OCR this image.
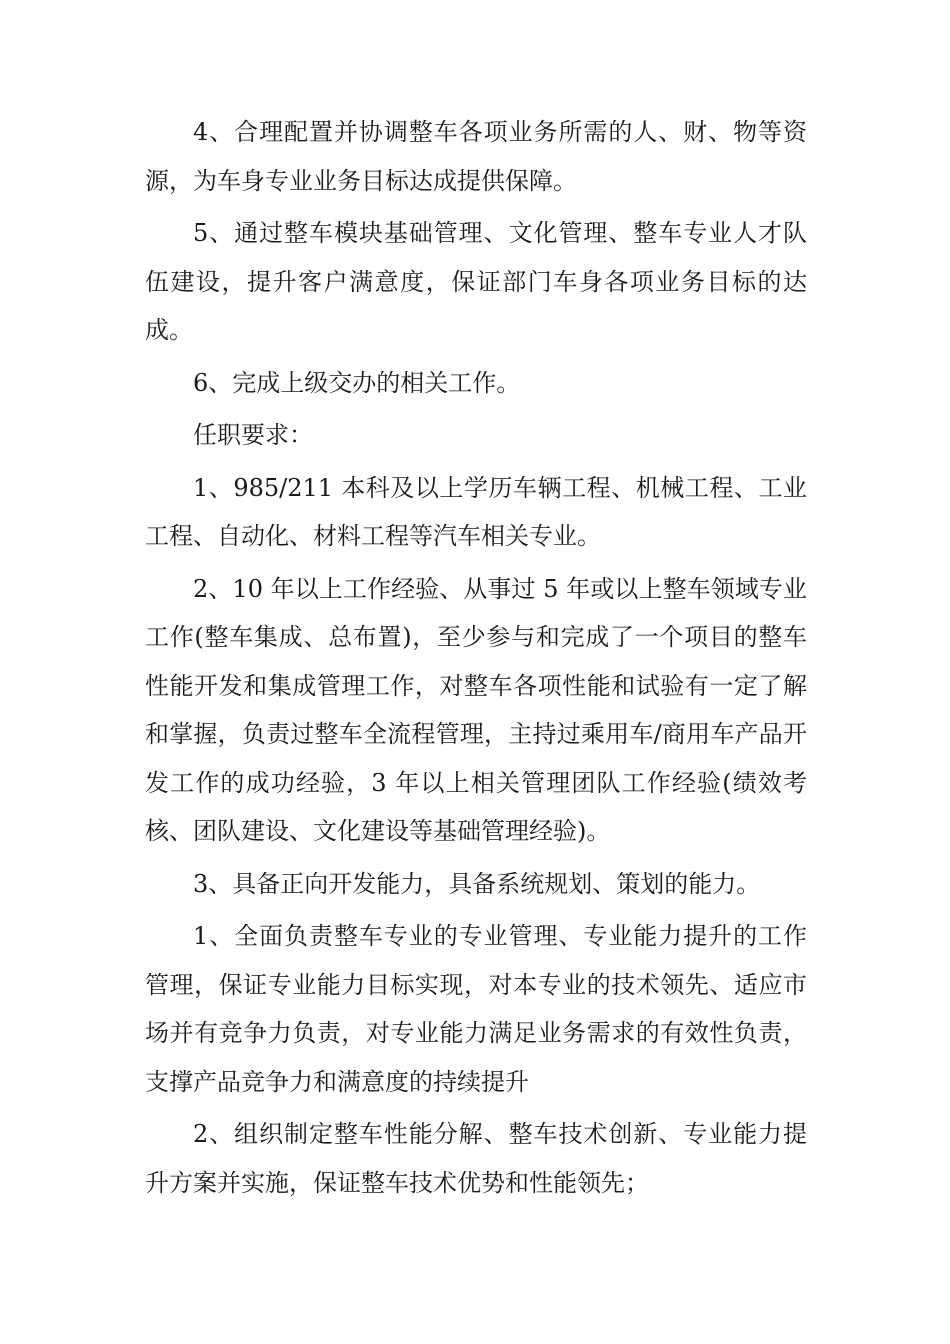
4、合理配置并协调整车各项业务所需的人、财、物等资源，为车身专业业务目标达成提供保障。

5、通过整车模块基础管理、文化管理、整车专业人才队伍建设，提升客户满意度，保证部门车身各项业务目标的达成。

6、完成上级交办的相关工作。

任职要求：

1、985/211 本科及以上学历车辆工程、机械工程、工业工程、自动化、材料工程等汽车相关专业。

2、10 年以上工作经验、从事过 5 年或以上整车领域专业工作(整车集成、总布置)，至少参与和完成了一个项目的整车性能开发和集成管理工作，对整车各项性能和试验有一定了解和掌握，负责过整车全流程管理，主持过乘用车/商用车产品开发工作的成功经验，3 年以上相关管理团队工作经验(绩效考核、团队建设、文化建设等基础管理经验)。

3、具备正向开发能力，具备系统规划、策划的能力。

1、全面负责整车专业的专业管理、专业能力提升的工作管理，保证专业能力目标实现，对本专业的技术领先、适应市场并有竞争力负责，对专业能力满足业务需求的有效性负责，支撑产品竞争力和满意度的持续提升

2、组织制定整车性能分解、整车技术创新、专业能力提升方案并实施，保证整车技术优势和性能领先；
